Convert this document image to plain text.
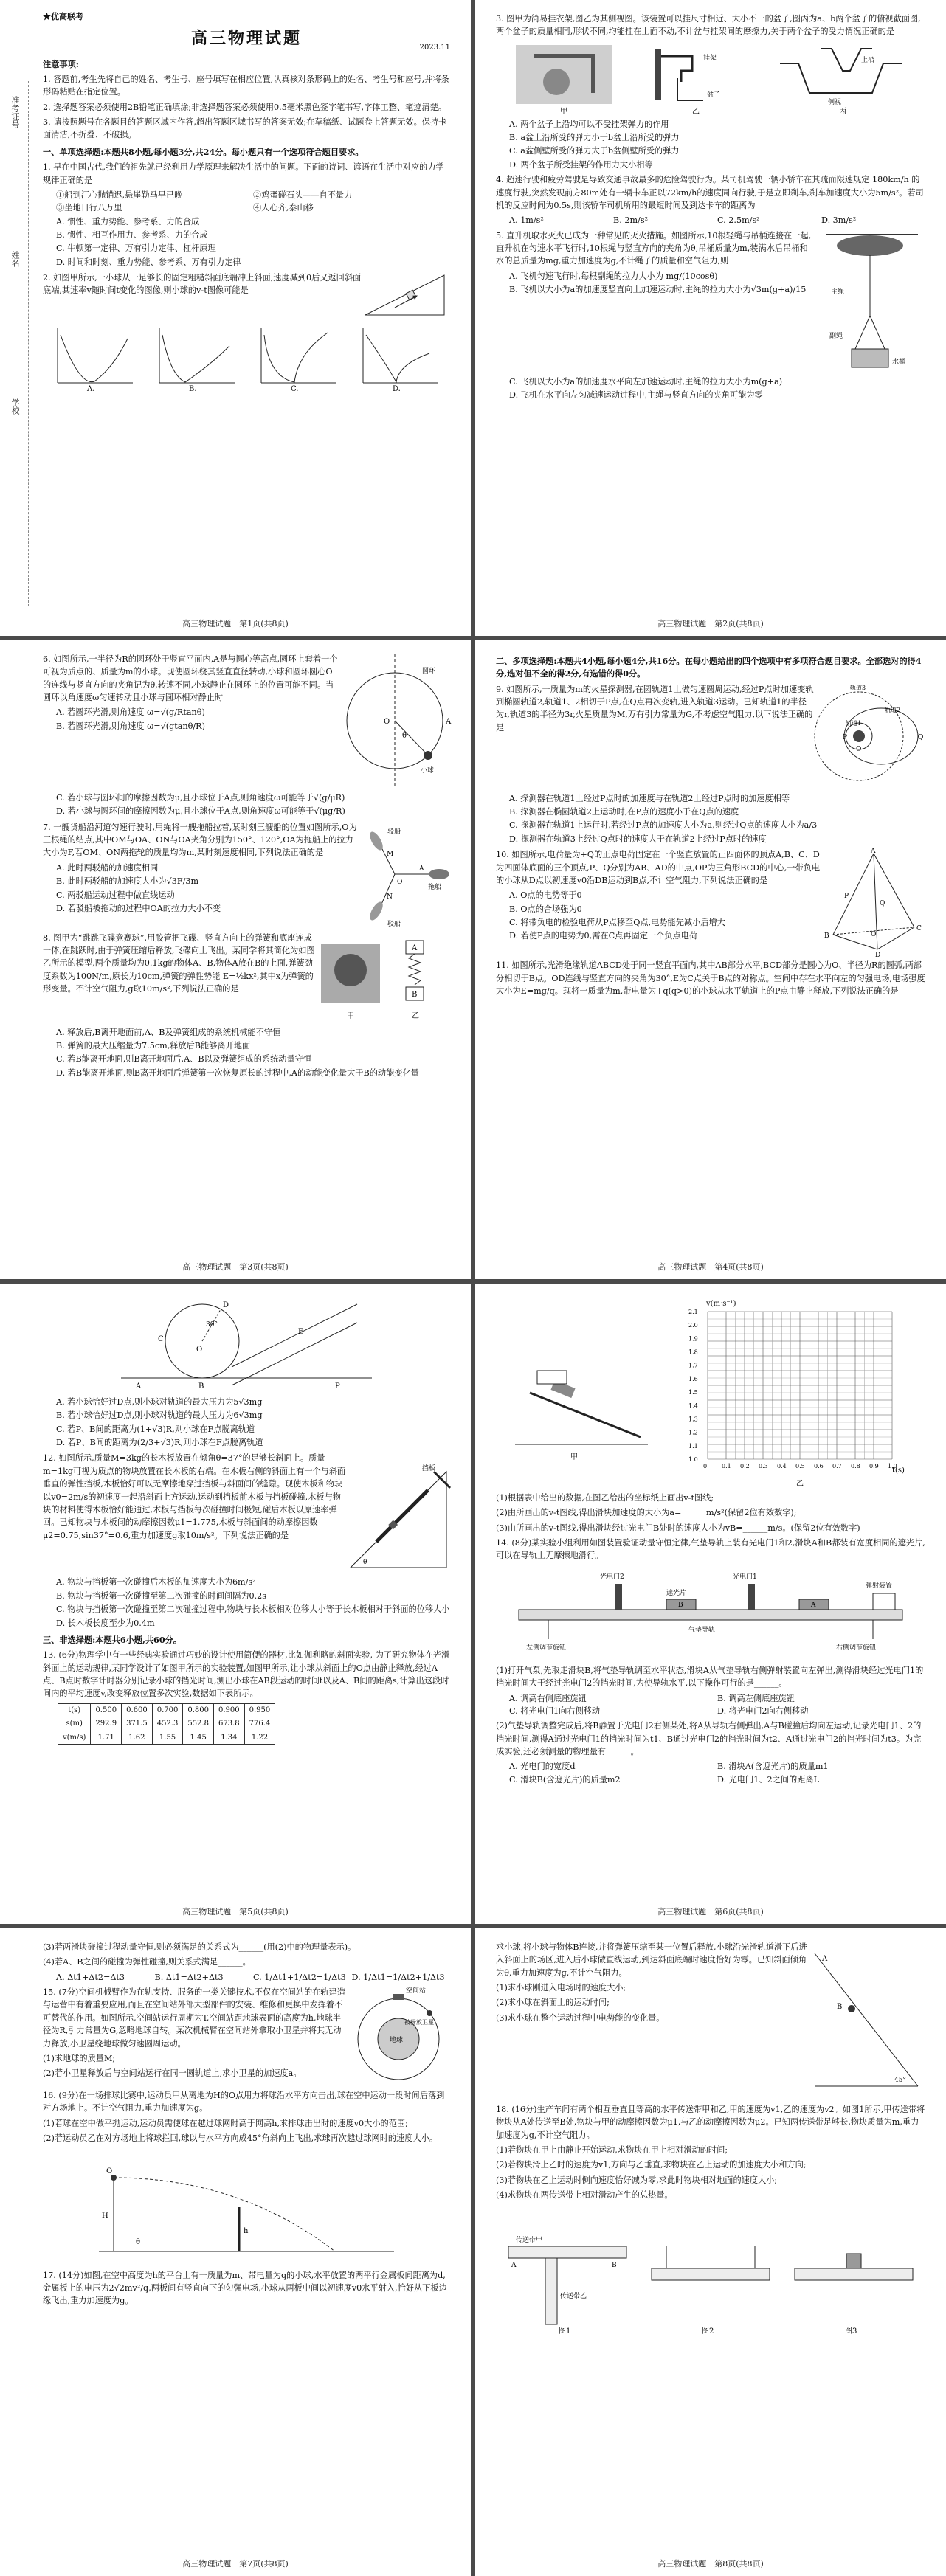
准考证号
姓名
学校
★优高联考
高三物理试题	2023.11
注意事项:
1. 答题前,考生先将自己的姓名、考生号、座号填写在相应位置,认真核对条形码上的姓名、考生号和座号,并将条形码粘贴在指定位置。
2. 选择题答案必须使用2B铅笔正确填涂;非选择题答案必须使用0.5毫米黑色签字笔书写,字体工整、笔迹清楚。
3. 请按照题号在各题目的答题区域内作答,超出答题区域书写的答案无效;在草稿纸、试题卷上答题无效。保持卡面清洁,不折叠、不破损。
一、单项选择题:本题共8小题,每小题3分,共24分。每小题只有一个选项符合题目要求。
1. 早在中国古代,我们的祖先就已经利用力学原理来解决生活中的问题。下面的诗词、谚语在生活中对应的力学规律正确的是
①船到江心抛锚迟,悬崖勒马早已晚	②鸡蛋碰石头——自不量力
③坐地日行八万里	④人心齐,泰山移
A. 惯性、重力势能、参考系、力的合成
B. 惯性、相互作用力、参考系、力的合成
C. 牛顿第一定律、万有引力定律、杠杆原理
D. 时间和时刻、重力势能、参考系、万有引力定律
2. 如图甲所示,一小球从一足够长的固定粗糙斜面底端冲上斜面,速度减到0后又返回斜面底端,其速率v随时间t变化的图像,则小球的v-t图像可能是
A.	B.	C.	D.
高三物理试题　第1页(共8页)
3. 图甲为简易挂衣架,图乙为其侧视图。该装置可以挂尺寸相近、大小不一的盆子,图丙为a、b两个盆子的俯视截面图,两个盆子的质量相同,形状不同,均能挂在上面不动,不计盆与挂架间的摩擦力,关于两个盆子的受力情况正确的是
甲
挂架
盆子
乙
上沿
侧视
丙
A. 两个盆子上沿均可以不受挂架弹力的作用
B. a盆上沿所受的弹力小于b盆上沿所受的弹力
C. a盆侧壁所受的弹力大于b盆侧壁所受的弹力
D. 两个盆子所受挂架的作用力大小相等
4. 超速行驶和疲劳驾驶是导致交通事故最多的危险驾驶行为。某司机驾驶一辆小轿车在其疏而限速规定 180km/h 的速度行驶,突然发现前方80m处有一辆卡车正以72km/h的速度同向行驶,于是立即刹车,刹车加速度大小为5m/s²。若司机的反应时间为0.5s,则该轿车司机所用的最短时间及到达卡车的距离为
A. 1m/s²	B. 2m/s²	C. 2.5m/s²	D. 3m/s²
5. 直升机取水灭火已成为一种常见的灭火措施。如图所示,10根轻绳与吊桶连接在一起,直升机在匀速水平飞行时,10根绳与竖直方向的夹角为θ,吊桶质量为m,装满水后吊桶和水的总质量为mg,重力加速度为g,不计绳子的质量和空气阻力,则
A. 飞机匀速飞行时,每根副绳的拉力大小为 mg/(10cosθ)
B. 飞机以大小为a的加速度竖直向上加速运动时,主绳的拉力大小为√3m(g+a)/15	主绳
副绳
水桶
C. 飞机以大小为a的加速度水平向左加速运动时,主绳的拉力大小为m(g+a)
D. 飞机在水平向左匀减速运动过程中,主绳与竖直方向的夹角可能为零
高三物理试题　第2页(共8页)
6. 如图所示,一半径为R的圆环处于竖直平面内,A是与圆心等高点,圆环上套着一个可视为质点的、质量为m的小球。现使圆环绕其竖直直径转动,小球和圆环圆心O的连线与竖直方向的夹角记为θ,转速不同,小球静止在圆环上的位置可能不同。当圆环以角速度ω匀速转动且小球与圆环相对静止时
A. 若圆环光滑,则角速度 ω=√(g/Rtanθ)
B. 若圆环光滑,则角速度 ω=√(gtanθ/R)	O	A
θ
圆环
小球
C. 若小球与圆环间的摩擦因数为μ,且小球位于A点,则角速度ω可能等于√(g/μR)
D. 若小球与圆环间的摩擦因数为μ,且小球位于A点,则角速度ω可能等于√(μg/R)
7. 一艘货船沿河道匀速行驶时,用绳将一艘拖船拉着,某时刻三艘船的位置如图所示,O为三根绳的结点,其中OM与OA、ON与OA夹角分别为150°、120°,OA为拖船上的拉力大小为F,若OM、ON两拖轮的质量均为m,某时刻速度相同,下列说法正确的是
A. 此时两驳船的加速度相同
B. 此时两驳船的加速度大小为√3F/3m
C. 两驳船运动过程中做直线运动
D. 若驳船被拖动的过程中OA的拉力大小不变
驳船
拖船
A
O
M
N
驳船
8. 图甲为“跳跳飞碟竞赛球”,用胶管把飞碟、竖直方向上的弹簧和底座连成一体,在跳跃时,由于弹簧压缩后释放,飞碟向上飞出。某同学将其简化为如图乙所示的模型,两个质量均为0.1kg的物体A、B,物体A放在B的上面,弹簧劲度系数为100N/m,原长为10cm,弹簧的弹性势能 E=½kx²,其中x为弹簧的形变量。不计空气阻力,g取10m/s²,下列说法正确的是
甲
A
B
乙
A. 释放后,B离开地面前,A、B及弹簧组成的系统机械能不守恒
B. 弹簧的最大压缩量为7.5cm,释放后B能够离开地面
C. 若B能离开地面,则B离开地面后,A、B以及弹簧组成的系统动量守恒
D. 若B能离开地面,则B离开地面后弹簧第一次恢复原长的过程中,A的动能变化量大于B的动能变化量
高三物理试题　第3页(共8页)
二、多项选择题:本题共4小题,每小题4分,共16分。在每小题给出的四个选项中有多项符合题目要求。全部选对的得4分,选对但不全的得2分,有选错的得0分。
9. 如图所示,一质量为m的火星探测器,在圆轨道1上做匀速圆周运动,经过P点时加速变轨到椭圆轨道2,轨道1、2相切于P点,在Q点再次变轨,进入轨道3运动。已知轨道1的半径为r,轨道3的半径为3r,火星质量为M,万有引力常量为G,不考虑空气阻力,以下说法正确的是
P	Q
O
轨道3
轨道2
轨道1
A. 探测器在轨道1上经过P点时的加速度与在轨道2上经过P点时的加速度相等
B. 探测器在椭圆轨道2上运动时,在P点的速度小于在Q点的速度
C. 探测器在轨道1上运行时,若经过P点的加速度大小为a,则经过Q点的速度大小为a/3
D. 探测器在轨道3上经过Q点时的速度大于在轨道2上经过P点时的速度
10. 如图所示,电荷量为+Q的正点电荷固定在一个竖直放置的正四面体的顶点A,B、C、D为四面体底面的三个顶点,P、Q分别为AB、AD的中点,OP为三角形BCD的中心,一带负电的小球从D点以初速度v0沿DB运动到B点,不计空气阻力,下列说法正确的是
A. O点的电势等于0
B. O点的合场强为0
C. 将带负电的检验电荷从P点移至Q点,电势能先减小后增大
D. 若使P点的电势为0,需在C点再固定一个负点电荷
A
B
C
D
P
Q
O
11. 如图所示,光滑绝缘轨道ABCD处于同一竖直平面内,其中AB部分水平,BCD部分是圆心为O、半径为R的圆弧,两部分相切于B点。OD连线与竖直方向的夹角为30°,E为C点关于B点的对称点。空间中存在水平向左的匀强电场,电场强度大小为E=mg/q。现将一质量为m,带电量为+q(q>0)的小球从水平轨道上的P点由静止释放,下列说法正确的是
高三物理试题　第4页(共8页)
A	B
C
D
E
O
P
30°
A. 若小球恰好过D点,则小球对轨道的最大压力为5√3mg
B. 若小球恰好过D点,则小球对轨道的最大压力为6√3mg
C. 若P、B间的距离为(1+√3)R,则小球在F点脱离轨道
D. 若P、B间的距离为(2/3+√3)R,则小球在F点脱离轨道
12. 如图所示,质量M=3kg的长木板放置在倾角θ=37°的足够长斜面上。质量m=1kg可视为质点的物块放置在长木板的右端。在木板右侧的斜面上有一个与斜面垂直的弹性挡板,木板恰好可以无摩擦地穿过挡板与斜面间的缝隙。现使木板和物块以v0=2m/s的初速度一起沿斜面上方运动,运动到挡板前木板与挡板碰撞,木板与物块的材料使得木板恰好能通过,木板与挡板每次碰撞时间极短,碰后木板以原速率弹回。已知物块与木板间的动摩擦因数μ1=1.775,木板与斜面间的动摩擦因数μ2=0.75,sin37°=0.6,重力加速度g取10m/s²。下列说法正确的是
挡板
θ
A. 物块与挡板第一次碰撞后木板的加速度大小为6m/s²
B. 物块与挡板第一次碰撞至第二次碰撞的时间间隔为0.2s
C. 物块与挡板第一次碰撞至第二次碰撞过程中,物块与长木板相对位移大小等于长木板相对于斜面的位移大小
D. 长木板长度至少为0.4m
三、非选择题:本题共6小题,共60分。
13. (6分)物理学中有一些经典实验通过巧妙的设计使用简便的器材,比如伽利略的斜面实验, 为了研究物体在光滑斜面上的运动规律,某同学设计了如图甲所示的实验装置,如图甲所示,让小球从斜面上的O点由静止释放,经过A点、B点时数字计时器分别记录小球的挡光时间,测出小球在AB段运动的时间t以及A、B间的距离s,计算出这段时间内的平均速度v,改变释放位置多次实验,数据如下表所示。
t(s)	0.500	0.600	0.700	0.800	0.900	0.950
s(m)	292.9	371.5	452.3	552.8	673.8	776.4
v(m/s)	1.71	1.62	1.55	1.45	1.34	1.22
高三物理试题　第5页(共8页)
甲
v(m·s⁻¹)
t(s)
2.1
2.0
1.9
1.8
1.7
1.6
1.5
1.4
1.3
1.2
1.1
1.0
0 0.1 0.2 0.3 0.4 0.5 0.6 0.7 0.8 0.9 1.0
乙
(1)根据表中给出的数据,在图乙给出的坐标纸上画出v-t图线;
(2)由所画出的v-t图线,得出滑块加速度的大小为a=______m/s²(保留2位有效数字);
(3)由所画出的v-t图线,得出滑块经过光电门B处时的速度大小为vB=______m/s。(保留2位有效数字)
14. (8分)某实验小组利用如图装置验证动量守恒定律,气垫导轨上装有光电门1和2,滑块A和B都装有宽度相同的遮光片,可以在导轨上无摩擦地滑行。
光电门2	光电门1
遮光片
B	A
右侧调节旋钮
左侧调节旋钮
气垫导轨
弹射装置
(1)打开气泵,先取走滑块B,将气垫导轨调至水平状态,滑块A从气垫导轨右侧弹射装置向左弹出,测得滑块经过光电门1的挡光时间大于经过光电门2的挡光时间,为使导轨水平,以下操作可行的是______。
A. 调高右侧底座旋钮	B. 调高左侧底座旋钮
C. 将光电门1向右侧移动	D. 将光电门2向右侧移动
(2)气垫导轨调整完成后,将B静置于光电门2右侧某处,将A从导轨右侧弹出,A与B碰撞后均向左运动,记录光电门1、2的挡光时间,测得A通过光电门1的挡光时间为t1、B通过光电门2的挡光时间为t2、A通过光电门2的挡光时间为t3。为完成实验,还必须测量的物理量有______。
A. 光电门的宽度d	B. 滑块A(含遮光片)的质量m1
C. 滑块B(含遮光片)的质量m2	D. 光电门1、2之间的距离L
高三物理试题　第6页(共8页)
(3)若两滑块碰撞过程动量守恒,则必须满足的关系式为______(用(2)中的物理量表示)。
(4)若A、B之间的碰撞为弹性碰撞,则关系式满足______。
A. Δt1+Δt2=Δt3	B. Δt1=Δt2+Δt3	C. 1/Δt1+1/Δt2=1/Δt3 D. 1/Δt1=1/Δt2+1/Δt3
15. (7分)空间机械臂作为在轨支持、服务的一类关键技术,不仅在空间站的在轨建造与运营中有着重要应用,而且在空间站外部大型部件的安装、维修和更换中发挥着不可替代的作用。如图所示,空间站运行周期为T,空间站距地球表面的高度为h,地球半径为R,引力常量为G,忽略地球自转。某次机械臂在空间站外拿取小卫星并将其无动力释放,小卫星绕地球做匀速圆周运动。
(1)求地球的质量M;
(2)若小卫星释放后与空间站运行在同一圆轨道上,求小卫星的加速度a。
空间站
被释放卫星
地球
16. (9分)在一场排球比赛中,运动员甲从离地为H的O点用力将球沿水平方向击出,球在空中运动一段时间后落到对方场地上。不计空气阻力,重力加速度为g。
(1)若球在空中做平抛运动,运动员需使球在越过球网时高于网高h,求排球击出时的速度v0大小的范围;
(2)若运动员乙在对方场地上将球拦回,球以与水平方向成45°角斜向上飞出,求球再次越过球网时的速度大小。
H
h
O
θ
17. (14分)如图,在空中高度为h的平台上有一质量为m、带电量为q的小球,水平放置的两平行金属板间距离为d,金属板上的电压为2√2mv²/q,两板间有竖直向下的匀强电场,小球从两板中间以初速度v0水平射入,恰好从下板边缘飞出,重力加速度为g。
高三物理试题　第7页(共8页)
求小球,将小球与物体B连接,并将弹簧压缩至某一位置后释放,小球沿光滑轨道滑下后进入斜面上的场区,进入后小球做直线运动,到达斜面底端时速度恰好为零。已知斜面倾角为θ,重力加速度为g,不计空气阻力。
(1)求小球刚进入电场时的速度大小;
(2)求小球在斜面上的运动时间;
(3)求小球在整个运动过程中电势能的变化量。
B
A
45°
18. (16分)生产车间有两个相互垂直且等高的水平传送带甲和乙,甲的速度为v1,乙的速度为v2。如图1所示,甲传送带将物块从A处传送至B处,物块与甲的动摩擦因数为μ1,与乙的动摩擦因数为μ2。已知两传送带足够长,物块质量为m,重力加速度为g,不计空气阻力。
(1)若物块在甲上由静止开始运动,求物块在甲上相对滑动的时间;
(2)若物块滑上乙时的速度为v1,方向与乙垂直,求物块在乙上运动的加速度大小和方向;
(3)若物块在乙上运动时侧向速度恰好减为零,求此时物块相对地面的速度大小;
(4)求物块在两传送带上相对滑动产生的总热量。
传送带甲
传送带乙
A	B
图1	图2	图3
高三物理试题　第8页(共8页)
